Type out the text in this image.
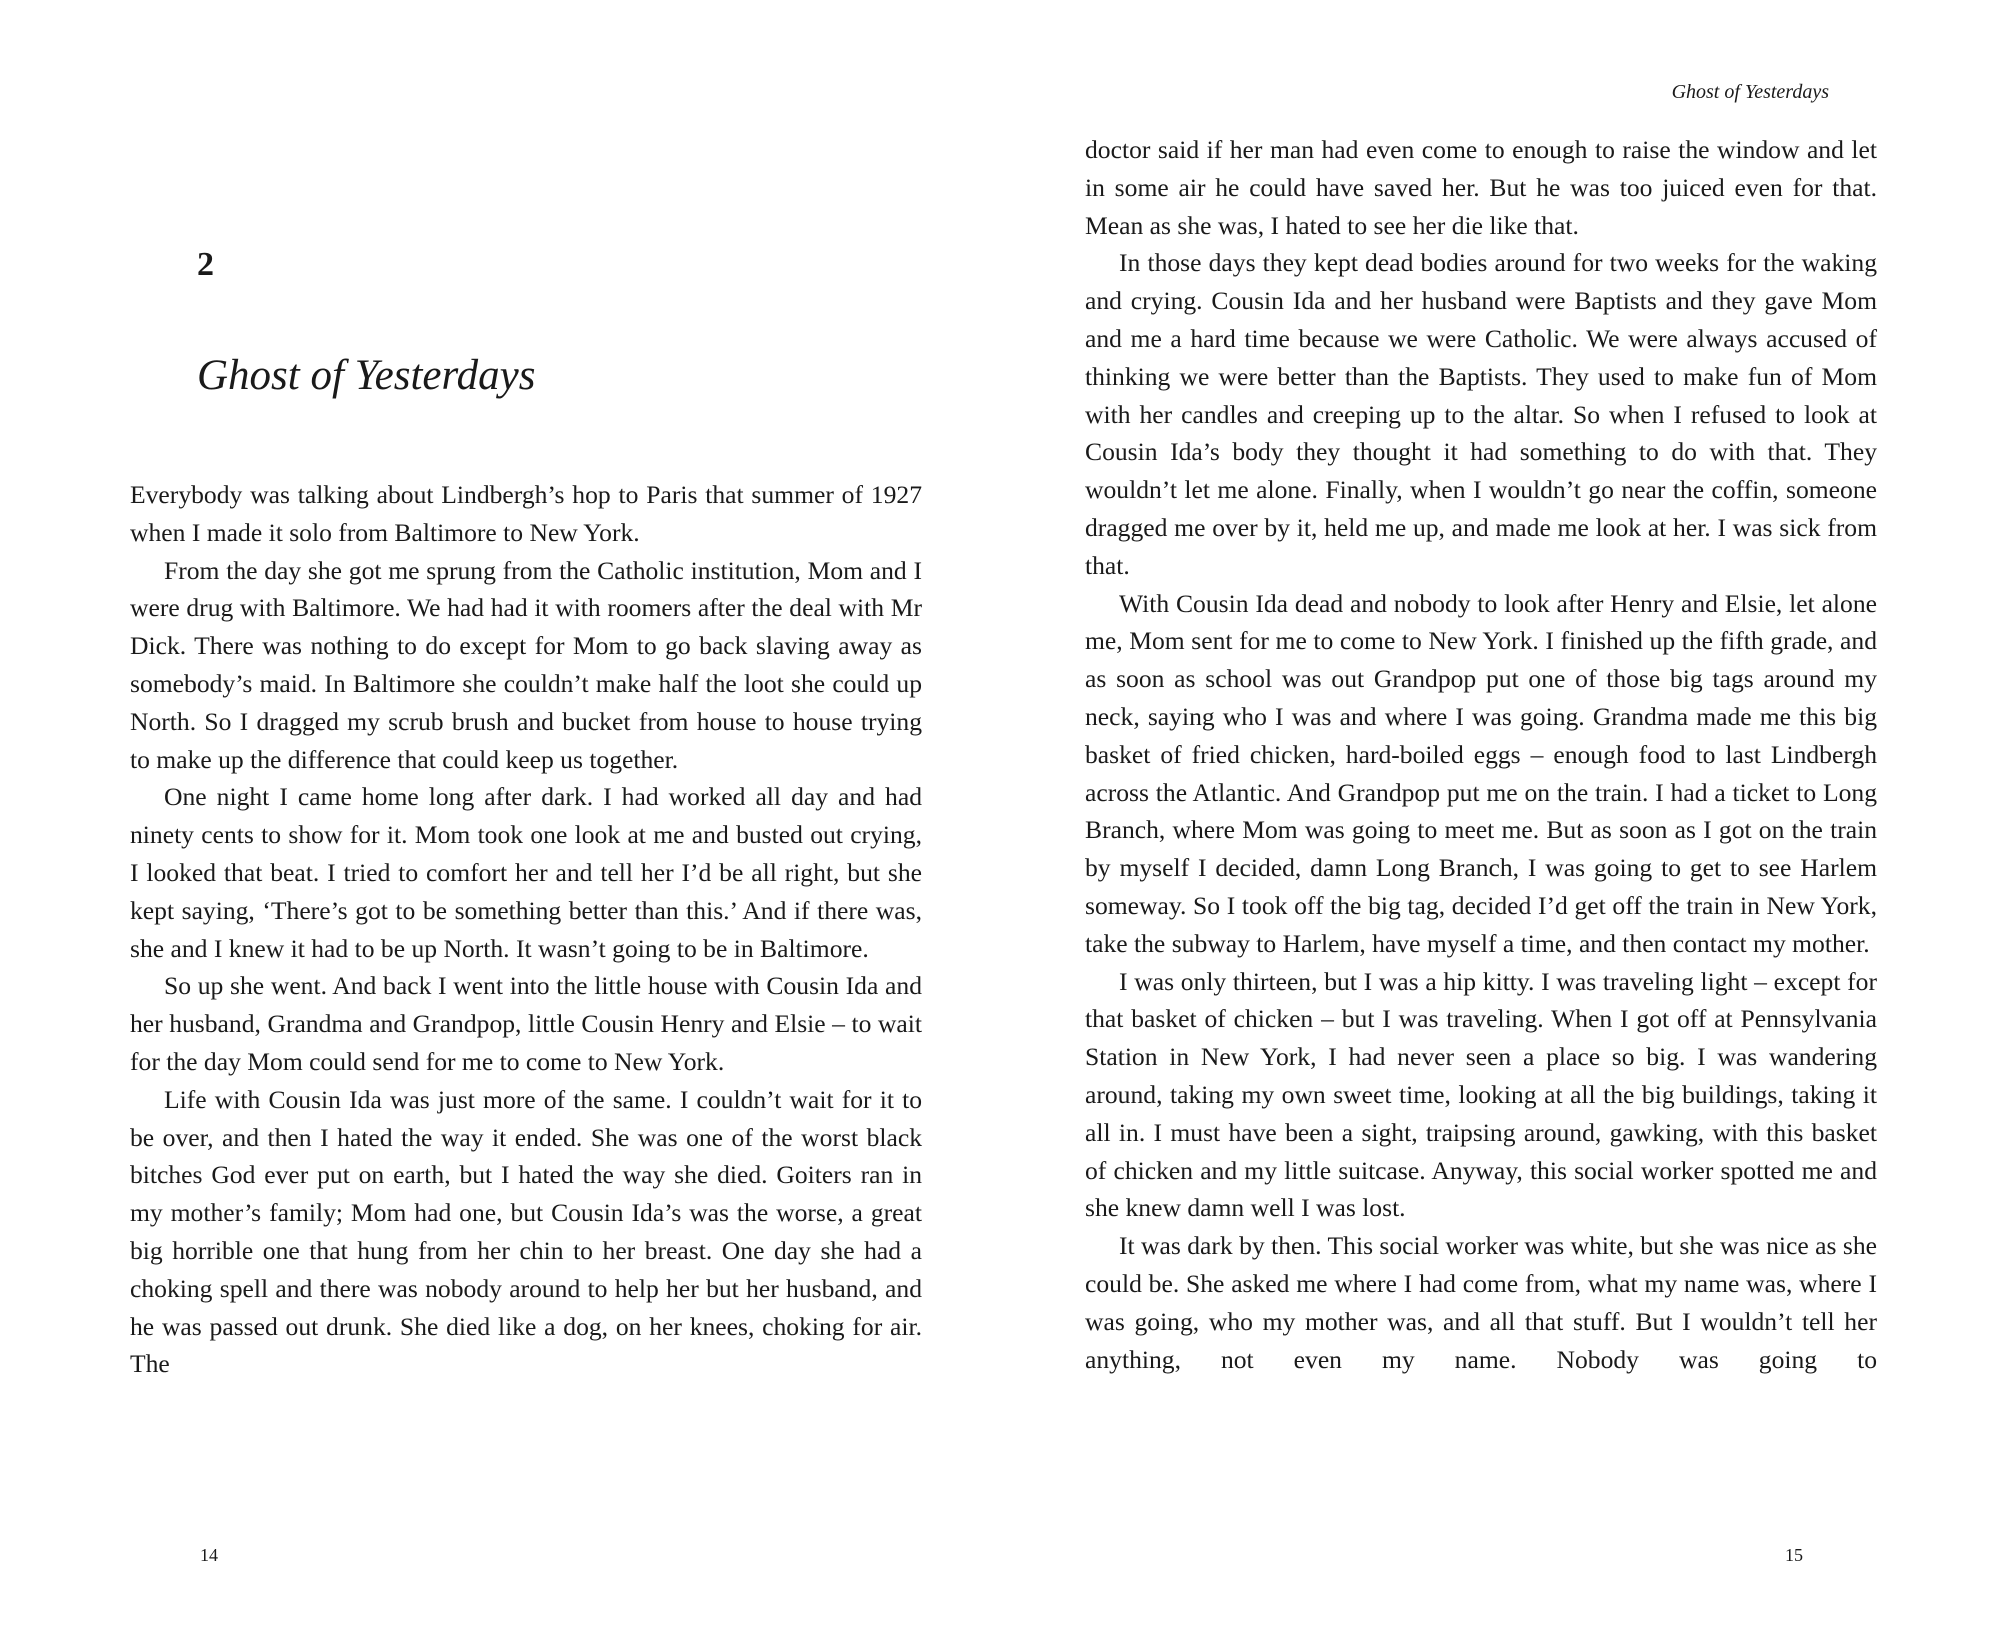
2
Ghost of Yesterdays

Everybody was talking about Lindbergh’s hop to Paris that summer of 1927 when I made it solo from Baltimore to New York.

From the day she got me sprung from the Catholic institution, Mom and I were drug with Baltimore. We had had it with roomers after the deal with Mr Dick. There was nothing to do except for Mom to go back slaving away as somebody’s maid. In Baltimore she couldn’t make half the loot she could up North. So I dragged my scrub brush and bucket from house to house trying to make up the difference that could keep us together.

One night I came home long after dark. I had worked all day and had ninety cents to show for it. Mom took one look at me and busted out crying, I looked that beat. I tried to comfort her and tell her I’d be all right, but she kept saying, ‘There’s got to be something better than this.’ And if there was, she and I knew it had to be up North. It wasn’t going to be in Baltimore.

So up she went. And back I went into the little house with Cousin Ida and her husband, Grandma and Grandpop, little Cousin Henry and Elsie – to wait for the day Mom could send for me to come to New York.

Life with Cousin Ida was just more of the same. I couldn’t wait for it to be over, and then I hated the way it ended. She was one of the worst black bitches God ever put on earth, but I hated the way she died. Goiters ran in my mother’s family; Mom had one, but Cousin Ida’s was the worse, a great big horrible one that hung from her chin to her breast. One day she had a choking spell and there was nobody around to help her but her husband, and he was passed out drunk. She died like a dog, on her knees, choking for air. The

14
Ghost of Yesterdays

doctor said if her man had even come to enough to raise the window and let in some air he could have saved her. But he was too juiced even for that. Mean as she was, I hated to see her die like that.

In those days they kept dead bodies around for two weeks for the waking and crying. Cousin Ida and her husband were Baptists and they gave Mom and me a hard time because we were Catholic. We were always accused of thinking we were better than the Baptists. They used to make fun of Mom with her candles and creeping up to the altar. So when I refused to look at Cousin Ida’s body they thought it had something to do with that. They wouldn’t let me alone. Finally, when I wouldn’t go near the coffin, someone dragged me over by it, held me up, and made me look at her. I was sick from that.

With Cousin Ida dead and nobody to look after Henry and Elsie, let alone me, Mom sent for me to come to New York. I finished up the fifth grade, and as soon as school was out Grandpop put one of those big tags around my neck, saying who I was and where I was going. Grandma made me this big basket of fried chicken, hard-boiled eggs – enough food to last Lindbergh across the Atlantic. And Grandpop put me on the train. I had a ticket to Long Branch, where Mom was going to meet me. But as soon as I got on the train by myself I decided, damn Long Branch, I was going to get to see Harlem someway. So I took off the big tag, decided I’d get off the train in New York, take the subway to Harlem, have myself a time, and then contact my mother.

I was only thirteen, but I was a hip kitty. I was traveling light – except for that basket of chicken – but I was traveling. When I got off at Pennsylvania Station in New York, I had never seen a place so big. I was wandering around, taking my own sweet time, looking at all the big buildings, taking it all in. I must have been a sight, traipsing around, gawking, with this basket of chicken and my little suitcase. Anyway, this social worker spotted me and she knew damn well I was lost.

It was dark by then. This social worker was white, but she was nice as she could be. She asked me where I had come from, what my name was, where I was going, who my mother was, and all that stuff. But I wouldn’t tell her anything, not even my name. Nobody was going to

15
